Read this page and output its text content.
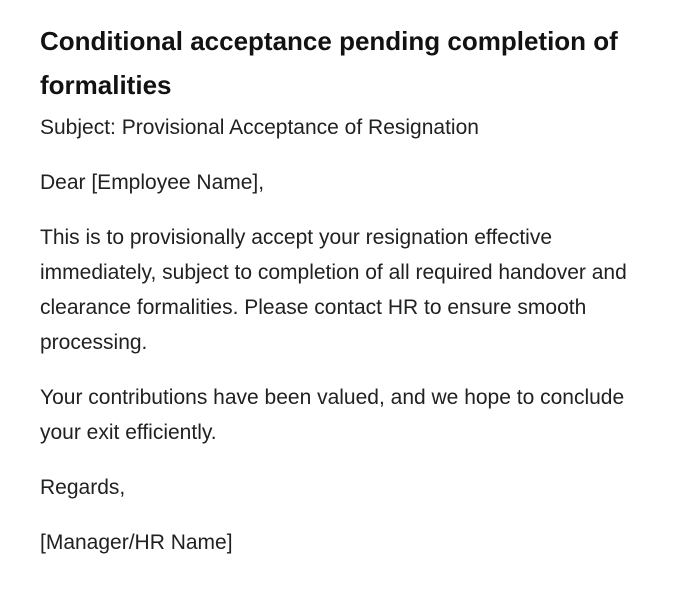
Conditional acceptance pending completion of formalities

Subject: Provisional Acceptance of Resignation

Dear [Employee Name],

This is to provisionally accept your resignation effective immediately, subject to completion of all required handover and clearance formalities. Please contact HR to ensure smooth processing.

Your contributions have been valued, and we hope to conclude your exit efficiently.

Regards,

[Manager/HR Name]
